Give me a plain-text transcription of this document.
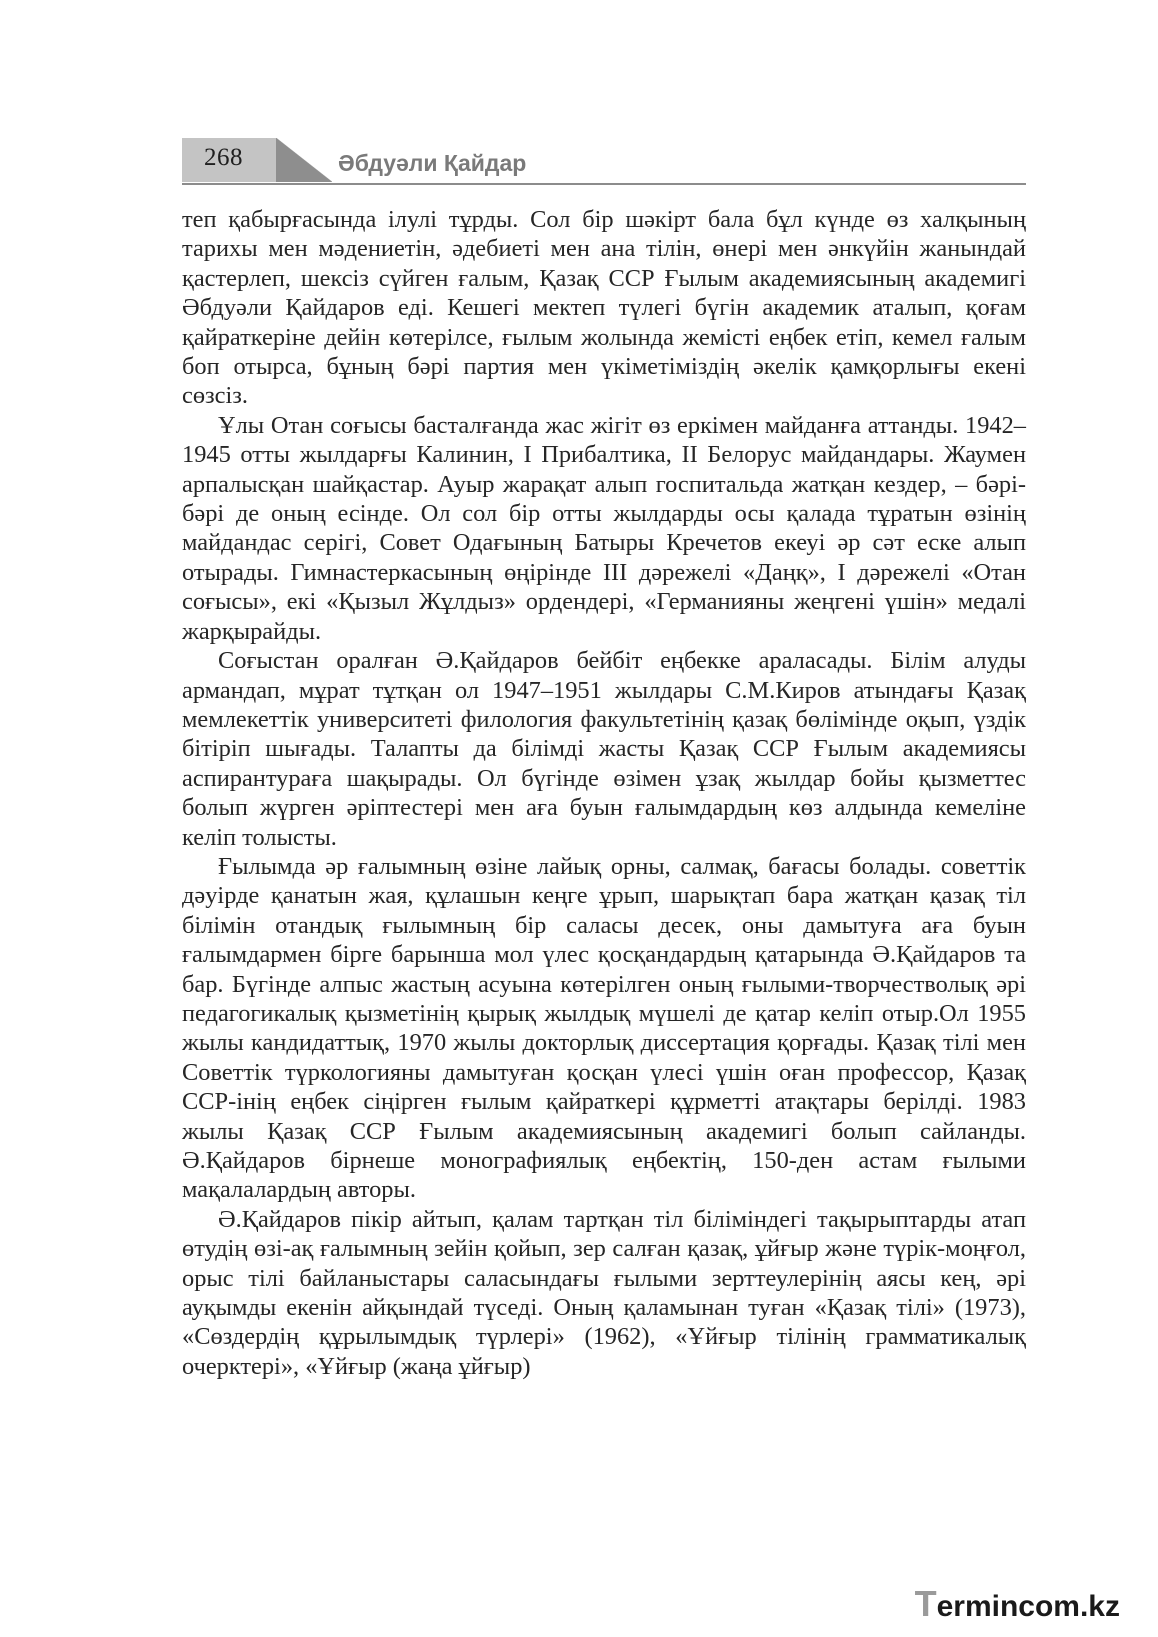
268	Әбдуәли Қайдар

теп қабырғасында ілулі тұрды. Сол бір шәкірт бала бұл күнде өз халқының тарихы мен мәдениетін, әдебиеті мен ана тілін, өнері мен әнкүйін жанындай қастерлеп, шексіз сүйген ғалым, Қазақ ССР Ғылым академиясының академигі Әбдуәли Қайдаров еді. Кешегі мектеп түлегі бүгін академик аталып, қоғам қайраткеріне дейін көтерілсе, ғылым жолында жемісті еңбек етіп, кемел ғалым боп отырса, бұның бәрі партия мен үкіметіміздің әкелік қамқорлығы екені сөзсіз.

Ұлы Отан соғысы басталғанда жас жігіт өз еркімен майданға аттанды. 1942–1945 отты жылдарғы Калинин, І Прибалтика, ІІ Белорус майдандары. Жаумен арпалысқан шайқастар. Ауыр жарақат алып госпитальда жатқан кездер, – бәрі-бәрі де оның есінде. Ол сол бір отты жылдарды осы қалада тұратын өзінің майдандас серігі, Совет Одағының Батыры Кречетов екеуі әр сәт еске алып отырады. Гимнастеркасының өңірінде ІІІ дәрежелі «Даңқ», І дәрежелі «Отан соғысы», екі «Қызыл Жұлдыз» ордендері, «Германияны жеңгені үшін» медалі жарқырайды.

Соғыстан оралған Ә.Қайдаров бейбіт еңбекке араласады. Білім алуды армандап, мұрат тұтқан ол 1947–1951 жылдары С.М.Киров атындағы Қазақ мемлекеттік университеті филология факультетінің қазақ бөлімінде оқып, үздік бітіріп шығады. Талапты да білімді жасты Қазақ ССР Ғылым академиясы аспирантураға шақырады. Ол бүгінде өзімен ұзақ жылдар бойы қызметтес болып жүрген әріптестері мен аға буын ғалымдардың көз алдында кемеліне келіп толысты.

Ғылымда әр ғалымның өзіне лайық орны, салмақ, бағасы болады. советтік дәуірде қанатын жая, құлашын кеңге ұрып, шарықтап бара жатқан қазақ тіл білімін отандық ғылымның бір саласы десек, оны дамытуға аға буын ғалымдармен бірге барынша мол үлес қосқандардың қатарында Ә.Қайдаров та бар. Бүгінде алпыс жастың асуына көтерілген оның ғылыми-творчестволық әрі педагогикалық қызметінің қырық жылдық мүшелі де қатар келіп отыр.Ол 1955 жылы кандидаттық, 1970 жылы докторлық диссертация қорғады. Қазақ тілі мен Советтік түркологияны дамытуған қосқан үлесі үшін оған профессор, Қазақ ССР-інің еңбек сіңірген ғылым қайраткері құрметті атақтары берілді. 1983 жылы Қазақ ССР Ғылым академиясының академигі болып сайланды. Ә.Қайдаров бірнеше монографиялық еңбектің, 150-ден астам ғылыми мақалалардың авторы.

Ә.Қайдаров пікір айтып, қалам тартқан тіл біліміндегі тақырыптарды атап өтудің өзі-ақ ғалымның зейін қойып, зер салған қазақ, ұйғыр және түрік-моңғол, орыс тілі байланыстары саласындағы ғылыми зерттеулерінің аясы кең, әрі ауқымды екенін айқындай түседі. Оның қаламынан туған «Қазақ тілі» (1973), «Сөздердің құрылымдық түрлері» (1962), «Ұйғыр тілінің грамматикалық очерктері», «Ұйғыр (жаңа ұйғыр)

Termincom.kz
